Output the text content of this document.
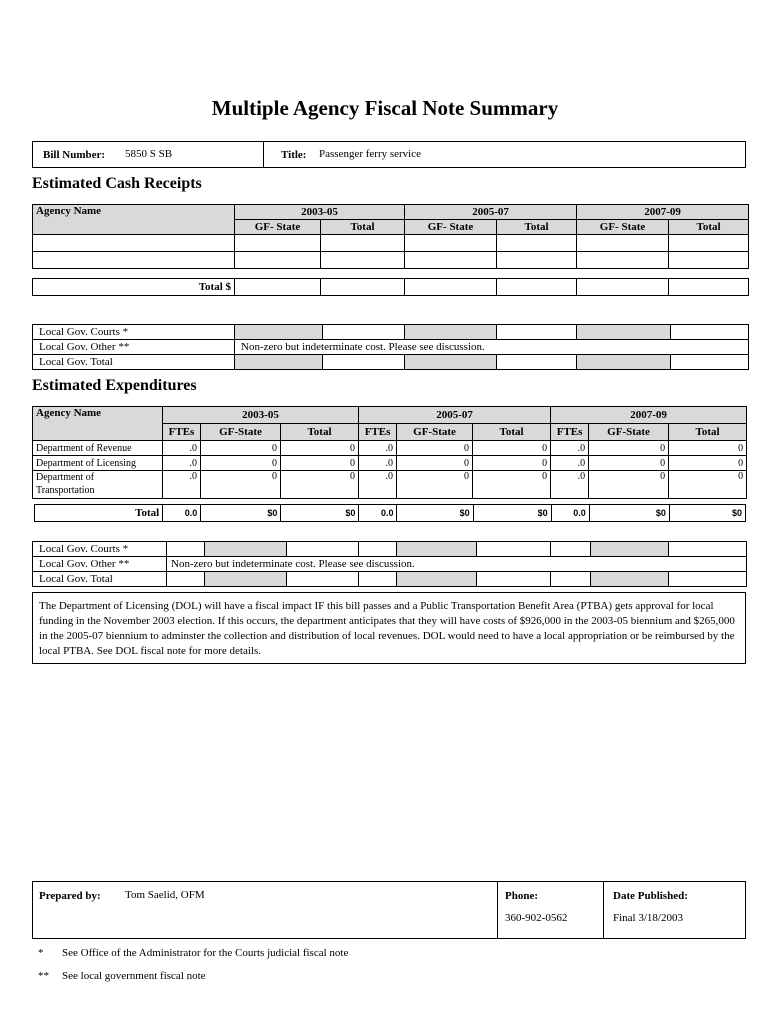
Multiple Agency Fiscal Note Summary
Bill Number: 5850 S SB	Title: Passenger ferry service
Estimated Cash Receipts
Agency Name	2003-05		2005-07		2007-09	
	GF- State	Total	GF- State	Total	GF- State	Total

Total $						
Local Gov. Courts *						
Local Gov. Other **	Non-zero but indeterminate cost. Please see discussion.					
Local Gov. Total						
Estimated Expenditures
Agency Name	2003-05			2005-07			2007-09		
	FTEs	GF-State	Total	FTEs	GF-State	Total	FTEs	GF-State	Total
Department of Revenue	.0	0	0	.0	0	0	.0	0	0
Department of Licensing	.0	0	0	.0	0	0	.0	0	0
Department of
Transportation	.0	0	0	.0	0	0	.0	0	0
Total	0.0	$0	$0	0.0	$0	$0	0.0	$0	$0
Local Gov. Courts *									
Local Gov. Other **	Non-zero but indeterminate cost. Please see discussion.								
Local Gov. Total									
The Department of Licensing (DOL) will have a fiscal impact IF this bill passes and a Public Transportation Benefit Area (PTBA) gets approval for local funding in the November 2003 election. If this occurs, the department anticipates that they will have costs of $926,000 in the 2003-05 biennium and $265,000 in the 2005-07 biennium to adminster the collection and distribution of local revenues. DOL would need to have a local appropriation or be reimbursed by the local PTBA. See DOL fiscal note for more details.
Prepared by: Tom Saelid, OFM	Phone:
360-902-0562
Date Published:
Final 3/18/2003
* See Office of the Administrator for the Courts judicial fiscal note
** See local government fiscal note
